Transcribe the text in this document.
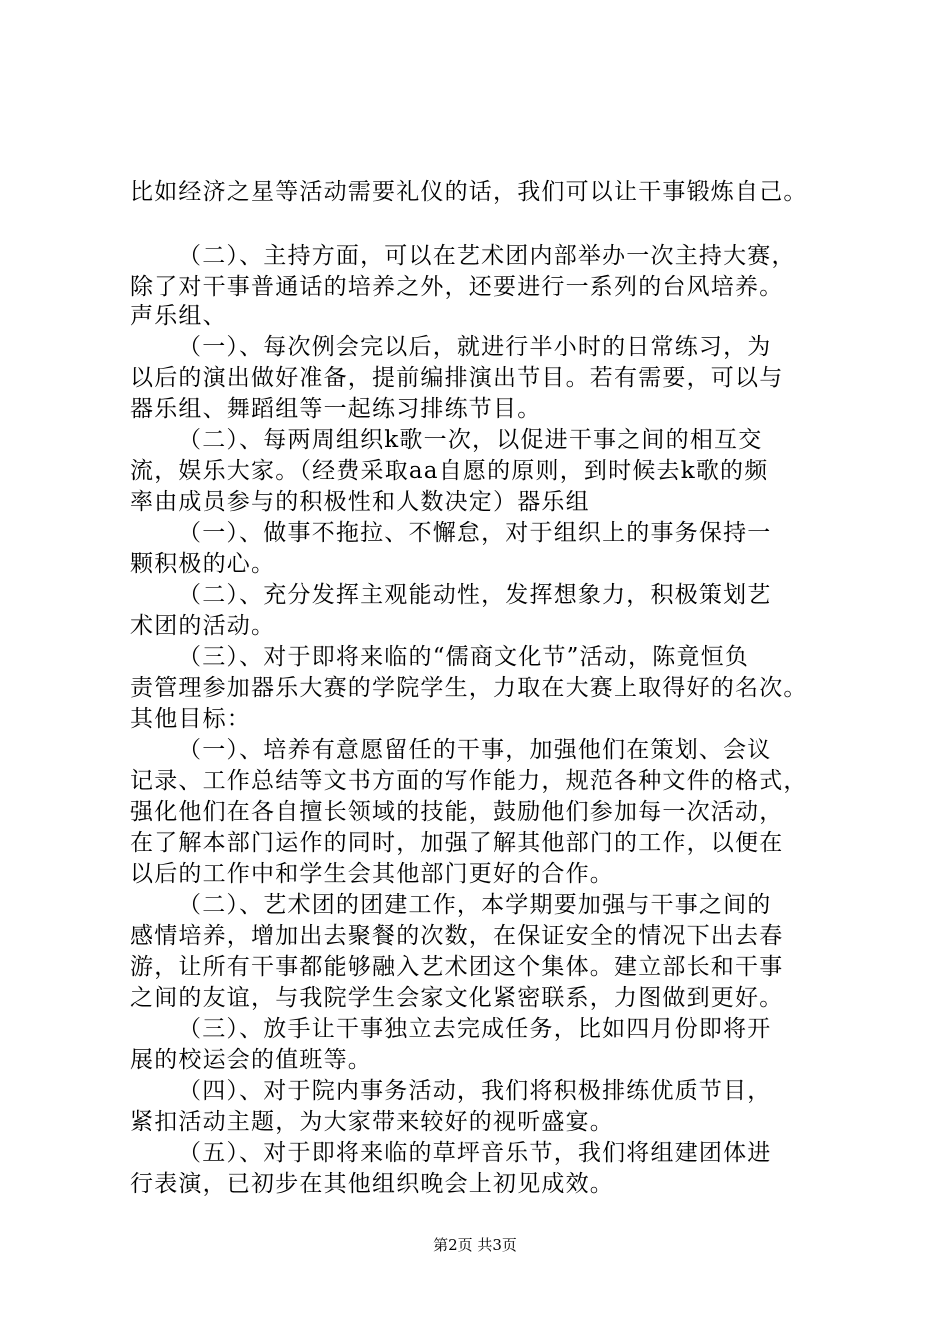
比如经济之星等活动需要礼仪的话，我们可以让干事锻炼自己。
（二）、主持方面，可以在艺术团内部举办一次主持大赛，
除了对干事普通话的培养之外，还要进行一系列的台风培养。
声乐组、
（一）、每次例会完以后，就进行半小时的日常练习，为
以后的演出做好准备，提前编排演出节目。若有需要，可以与
器乐组、舞蹈组等一起练习排练节目。
（二）、每两周组织k歌一次，以促进干事之间的相互交
流，娱乐大家。（经费采取aa自愿的原则，到时候去k歌的频
率由成员参与的积极性和人数决定）器乐组
（一）、做事不拖拉、不懈怠，对于组织上的事务保持一
颗积极的心。
（二）、充分发挥主观能动性，发挥想象力，积极策划艺
术团的活动。
（三）、对于即将来临的“儒商文化节”活动，陈竟恒负
责管理参加器乐大赛的学院学生，力取在大赛上取得好的名次。
其他目标：
（一）、培养有意愿留任的干事，加强他们在策划、会议
记录、工作总结等文书方面的写作能力，规范各种文件的格式，
强化他们在各自擅长领域的技能，鼓励他们参加每一次活动，
在了解本部门运作的同时，加强了解其他部门的工作，以便在
以后的工作中和学生会其他部门更好的合作。
（二）、艺术团的团建工作，本学期要加强与干事之间的
感情培养，增加出去聚餐的次数，在保证安全的情况下出去春
游，让所有干事都能够融入艺术团这个集体。建立部长和干事
之间的友谊，与我院学生会家文化紧密联系，力图做到更好。
（三）、放手让干事独立去完成任务，比如四月份即将开
展的校运会的值班等。
（四）、对于院内事务活动，我们将积极排练优质节目，
紧扣活动主题，为大家带来较好的视听盛宴。
（五）、对于即将来临的草坪音乐节，我们将组建团体进
行表演，已初步在其他组织晚会上初见成效。
第2页 共3页
